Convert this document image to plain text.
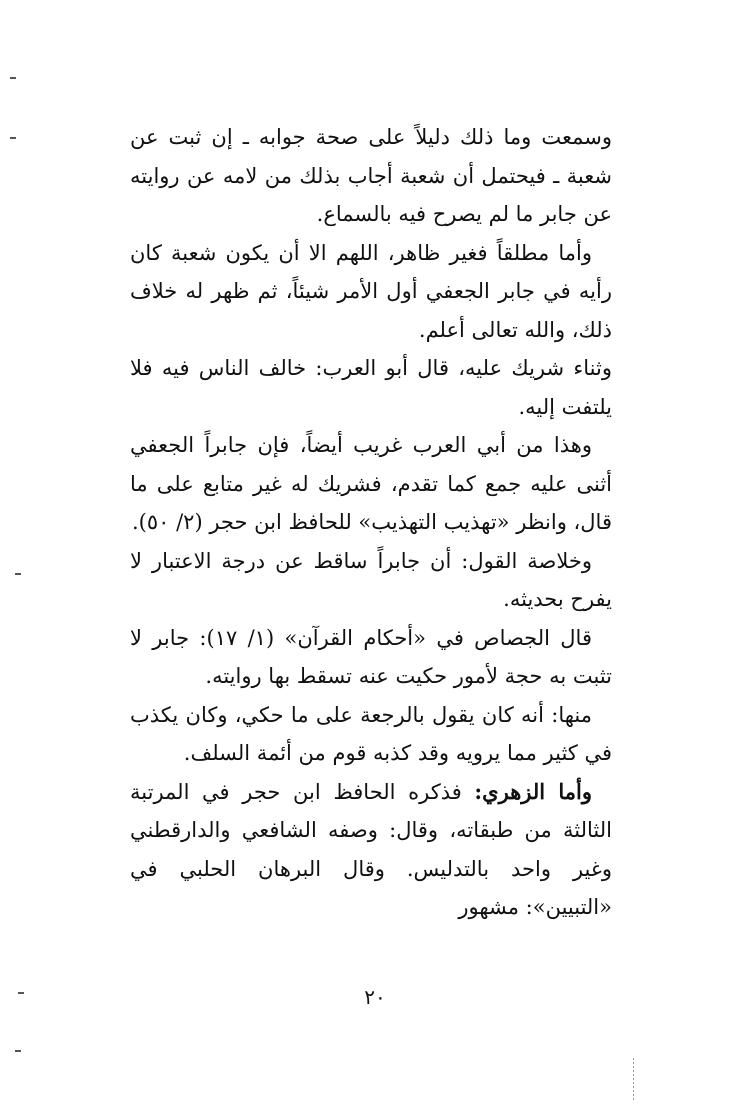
وسمعت وما ذلك دليلاً على صحة جوابه ـ إن ثبت عن شعبة ـ فيحتمل أن شعبة أجاب بذلك من لامه عن روايته عن جابر ما لم يصرح فيه بالسماع.

وأما مطلقاً فغير ظاهر، اللهم الا أن يكون شعبة كان رأيه في جابر الجعفي أول الأمر شيئاً، ثم ظهر له خلاف ذلك، والله تعالى أعلم.

وثناء شريك عليه، قال أبو العرب: خالف الناس فيه فلا يلتفت إليه.

وهذا من أبي العرب غريب أيضاً، فإن جابراً الجعفي أثنى عليه جمع كما تقدم، فشريك له غير متابع على ما قال، وانظر «تهذيب التهذيب» للحافظ ابن حجر (٢/ ٥٠).

وخلاصة القول: أن جابراً ساقط عن درجة الاعتبار لا يفرح بحديثه.

قال الجصاص في «أحكام القرآن» (١/ ١٧): جابر لا تثبت به حجة لأمور حكيت عنه تسقط بها روايته.

منها: أنه كان يقول بالرجعة على ما حكي، وكان يكذب في كثير مما يرويه وقد كذبه قوم من أئمة السلف.

وأما الزهري: فذكره الحافظ ابن حجر في المرتبة الثالثة من طبقاته، وقال: وصفه الشافعي والدارقطني وغير واحد بالتدليس. وقال البرهان الحلبي في «التبيين»: مشهور

٢٠
